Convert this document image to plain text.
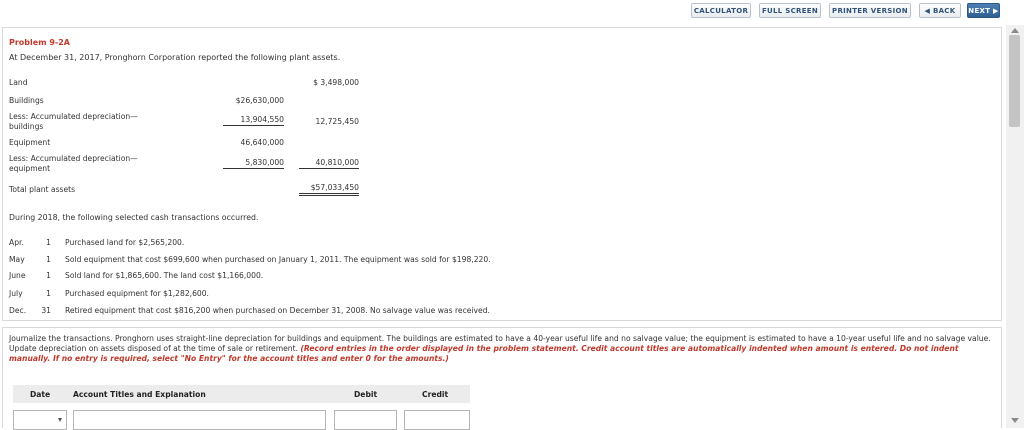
CALCULATOR	FULL SCREEN	PRINTER VERSION	◀ BACK	NEXT ▶
Problem 9-2A
At December 31, 2017, Pronghorn Corporation reported the following plant assets.
Land	$ 3,498,000
Buildings	$26,630,000
Less: Accumulated depreciation—
buildings
13,904,550	12,725,450
Equipment	46,640,000
Less: Accumulated depreciation—
equipment
5,830,000	40,810,000
Total plant assets	$57,033,450
During 2018, the following selected cash transactions occurred.
Apr.	1 Purchased land for $2,565,200.
May	1 Sold equipment that cost $699,600 when purchased on January 1, 2011. The equipment was sold for $198,220.
June	1 Sold land for $1,865,600. The land cost $1,166,000.
July	1 Purchased equipment for $1,282,600.
Dec.	31 Retired equipment that cost $816,200 when purchased on December 31, 2008. No salvage value was received.
Journalize the transactions. Pronghorn uses straight-line depreciation for buildings and equipment. The buildings are estimated to have a 40-year useful life and no salvage value; the equipment is estimated to have a 10-year useful life and no salvage value. Update depreciation on assets disposed of at the time of sale or retirement. (Record entries in the order displayed in the problem statement. Credit account titles are automatically indented when amount is entered. Do not indent manually. If no entry is required, select "No Entry" for the account titles and enter 0 for the amounts.)
Date	Account Titles and Explanation	Debit	Credit
